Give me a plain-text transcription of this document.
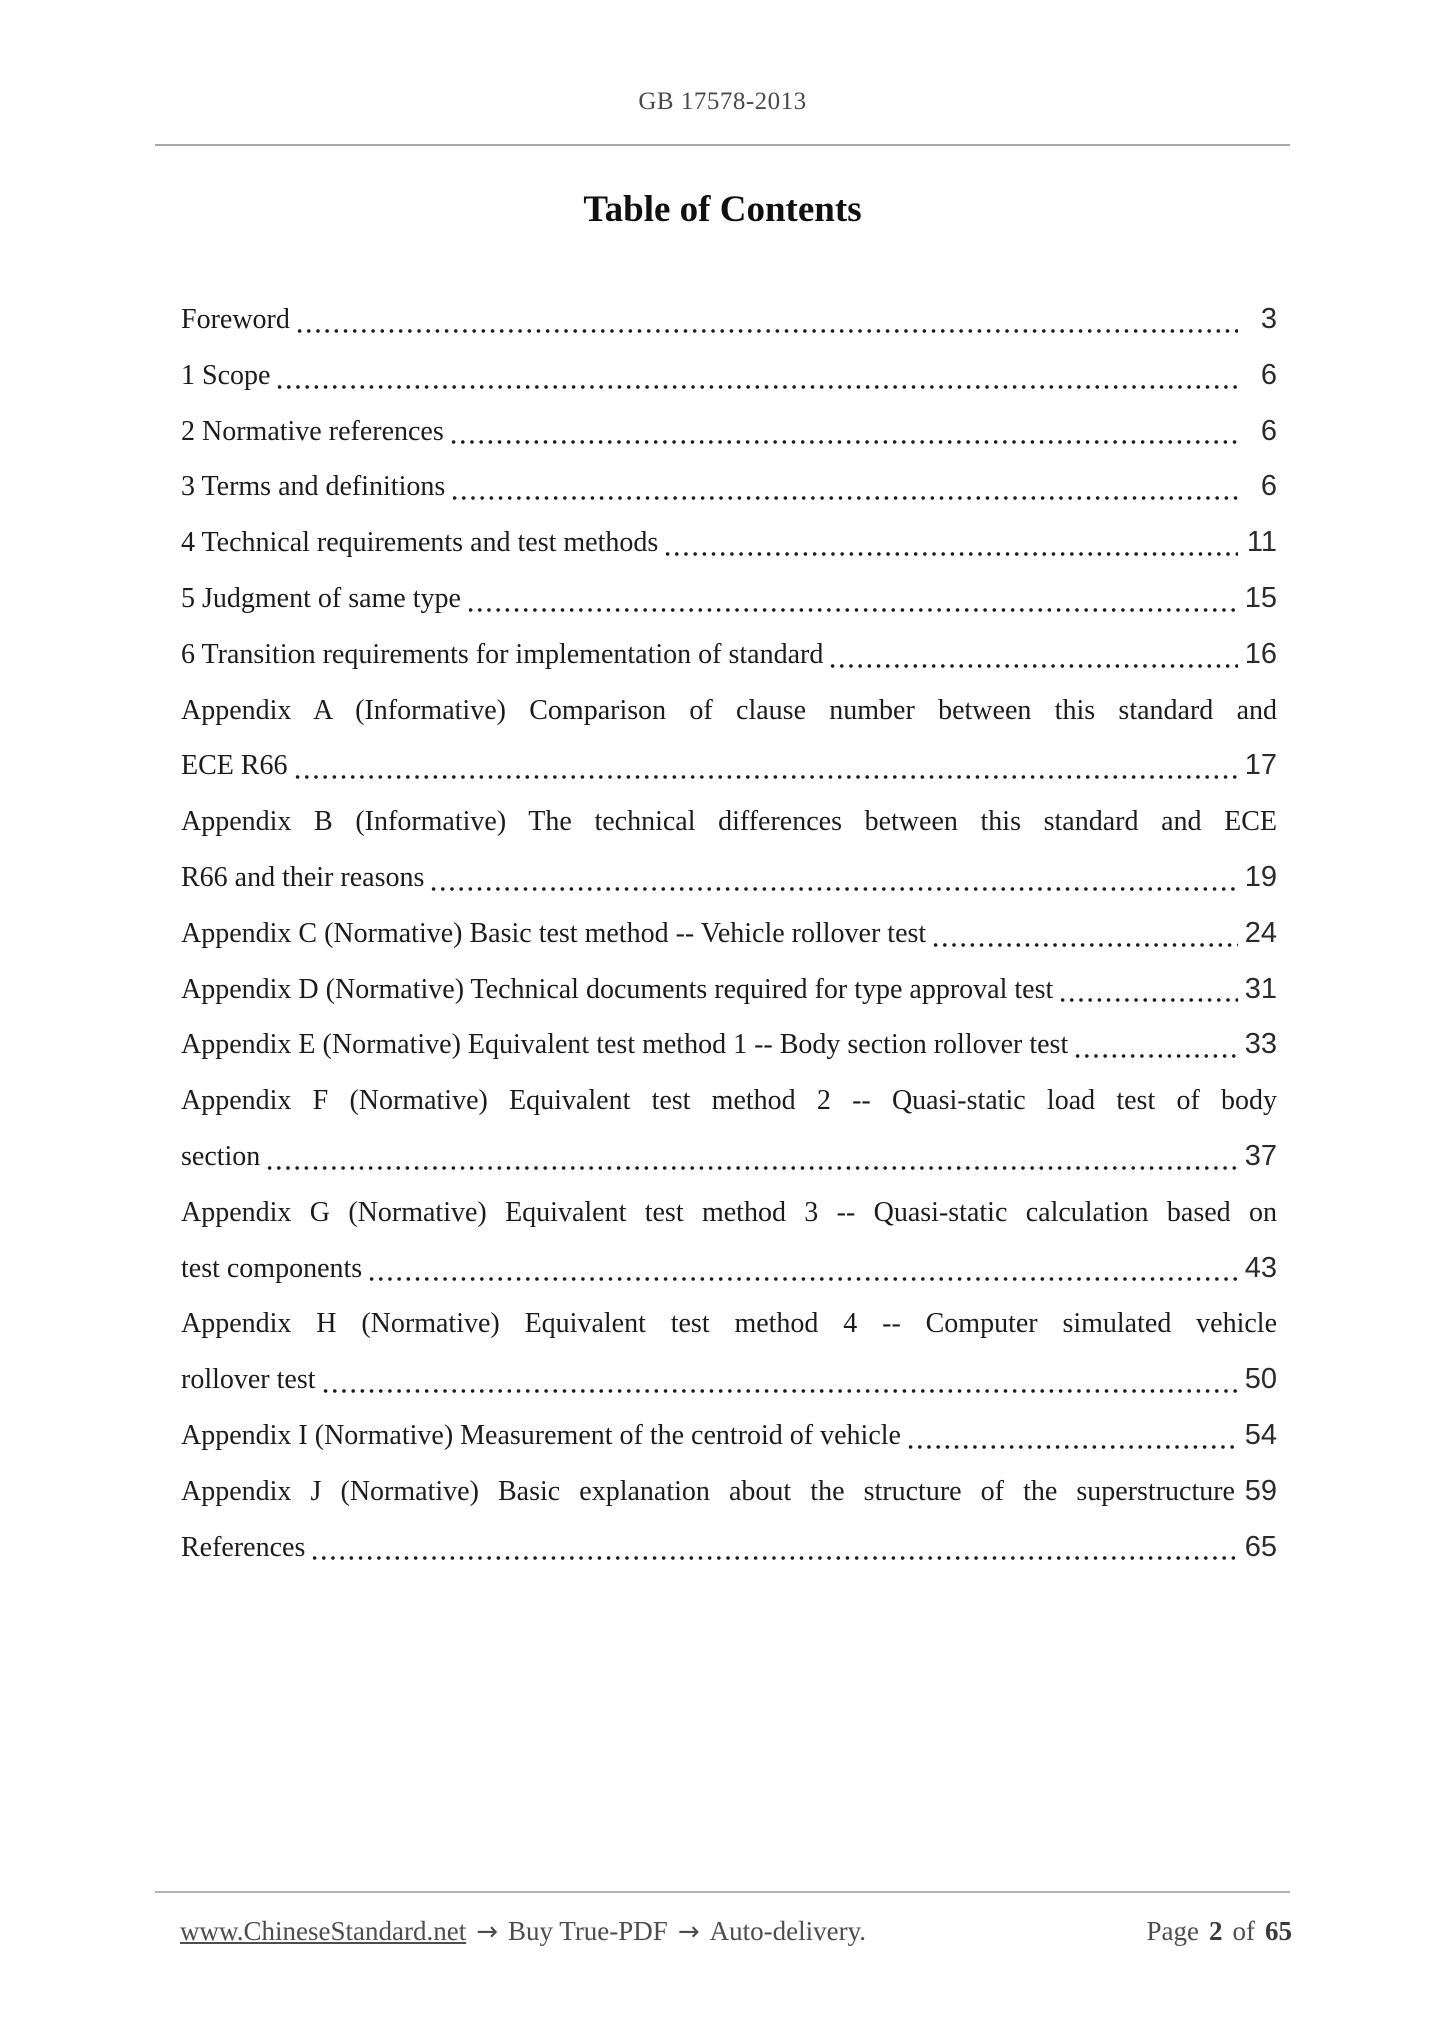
GB 17578-2013
Table of Contents
Foreword	3
1 Scope	6
2 Normative references	6
3 Terms and definitions	6
4 Technical requirements and test methods	11
5 Judgment of same type	15
6 Transition requirements for implementation of standard	16
Appendix A (Informative) Comparison of clause number between this standard and
ECE R66	17
Appendix B (Informative) The technical differences between this standard and ECE
R66 and their reasons	19
Appendix C (Normative) Basic test method -- Vehicle rollover test	24
Appendix D (Normative) Technical documents required for type approval test	31
Appendix E (Normative) Equivalent test method 1 -- Body section rollover test	33
Appendix F (Normative) Equivalent test method 2 -- Quasi-static load test of body
section	37
Appendix G (Normative) Equivalent test method 3 -- Quasi-static calculation based on
test components	43
Appendix H (Normative) Equivalent test method 4 -- Computer simulated vehicle
rollover test	50
Appendix I (Normative) Measurement of the centroid of vehicle	54
Appendix J (Normative) Basic explanation about the structure of the superstructure 59
References	65
www.ChineseStandard.net → Buy True-PDF → Auto-delivery.	Page 2 of 65
